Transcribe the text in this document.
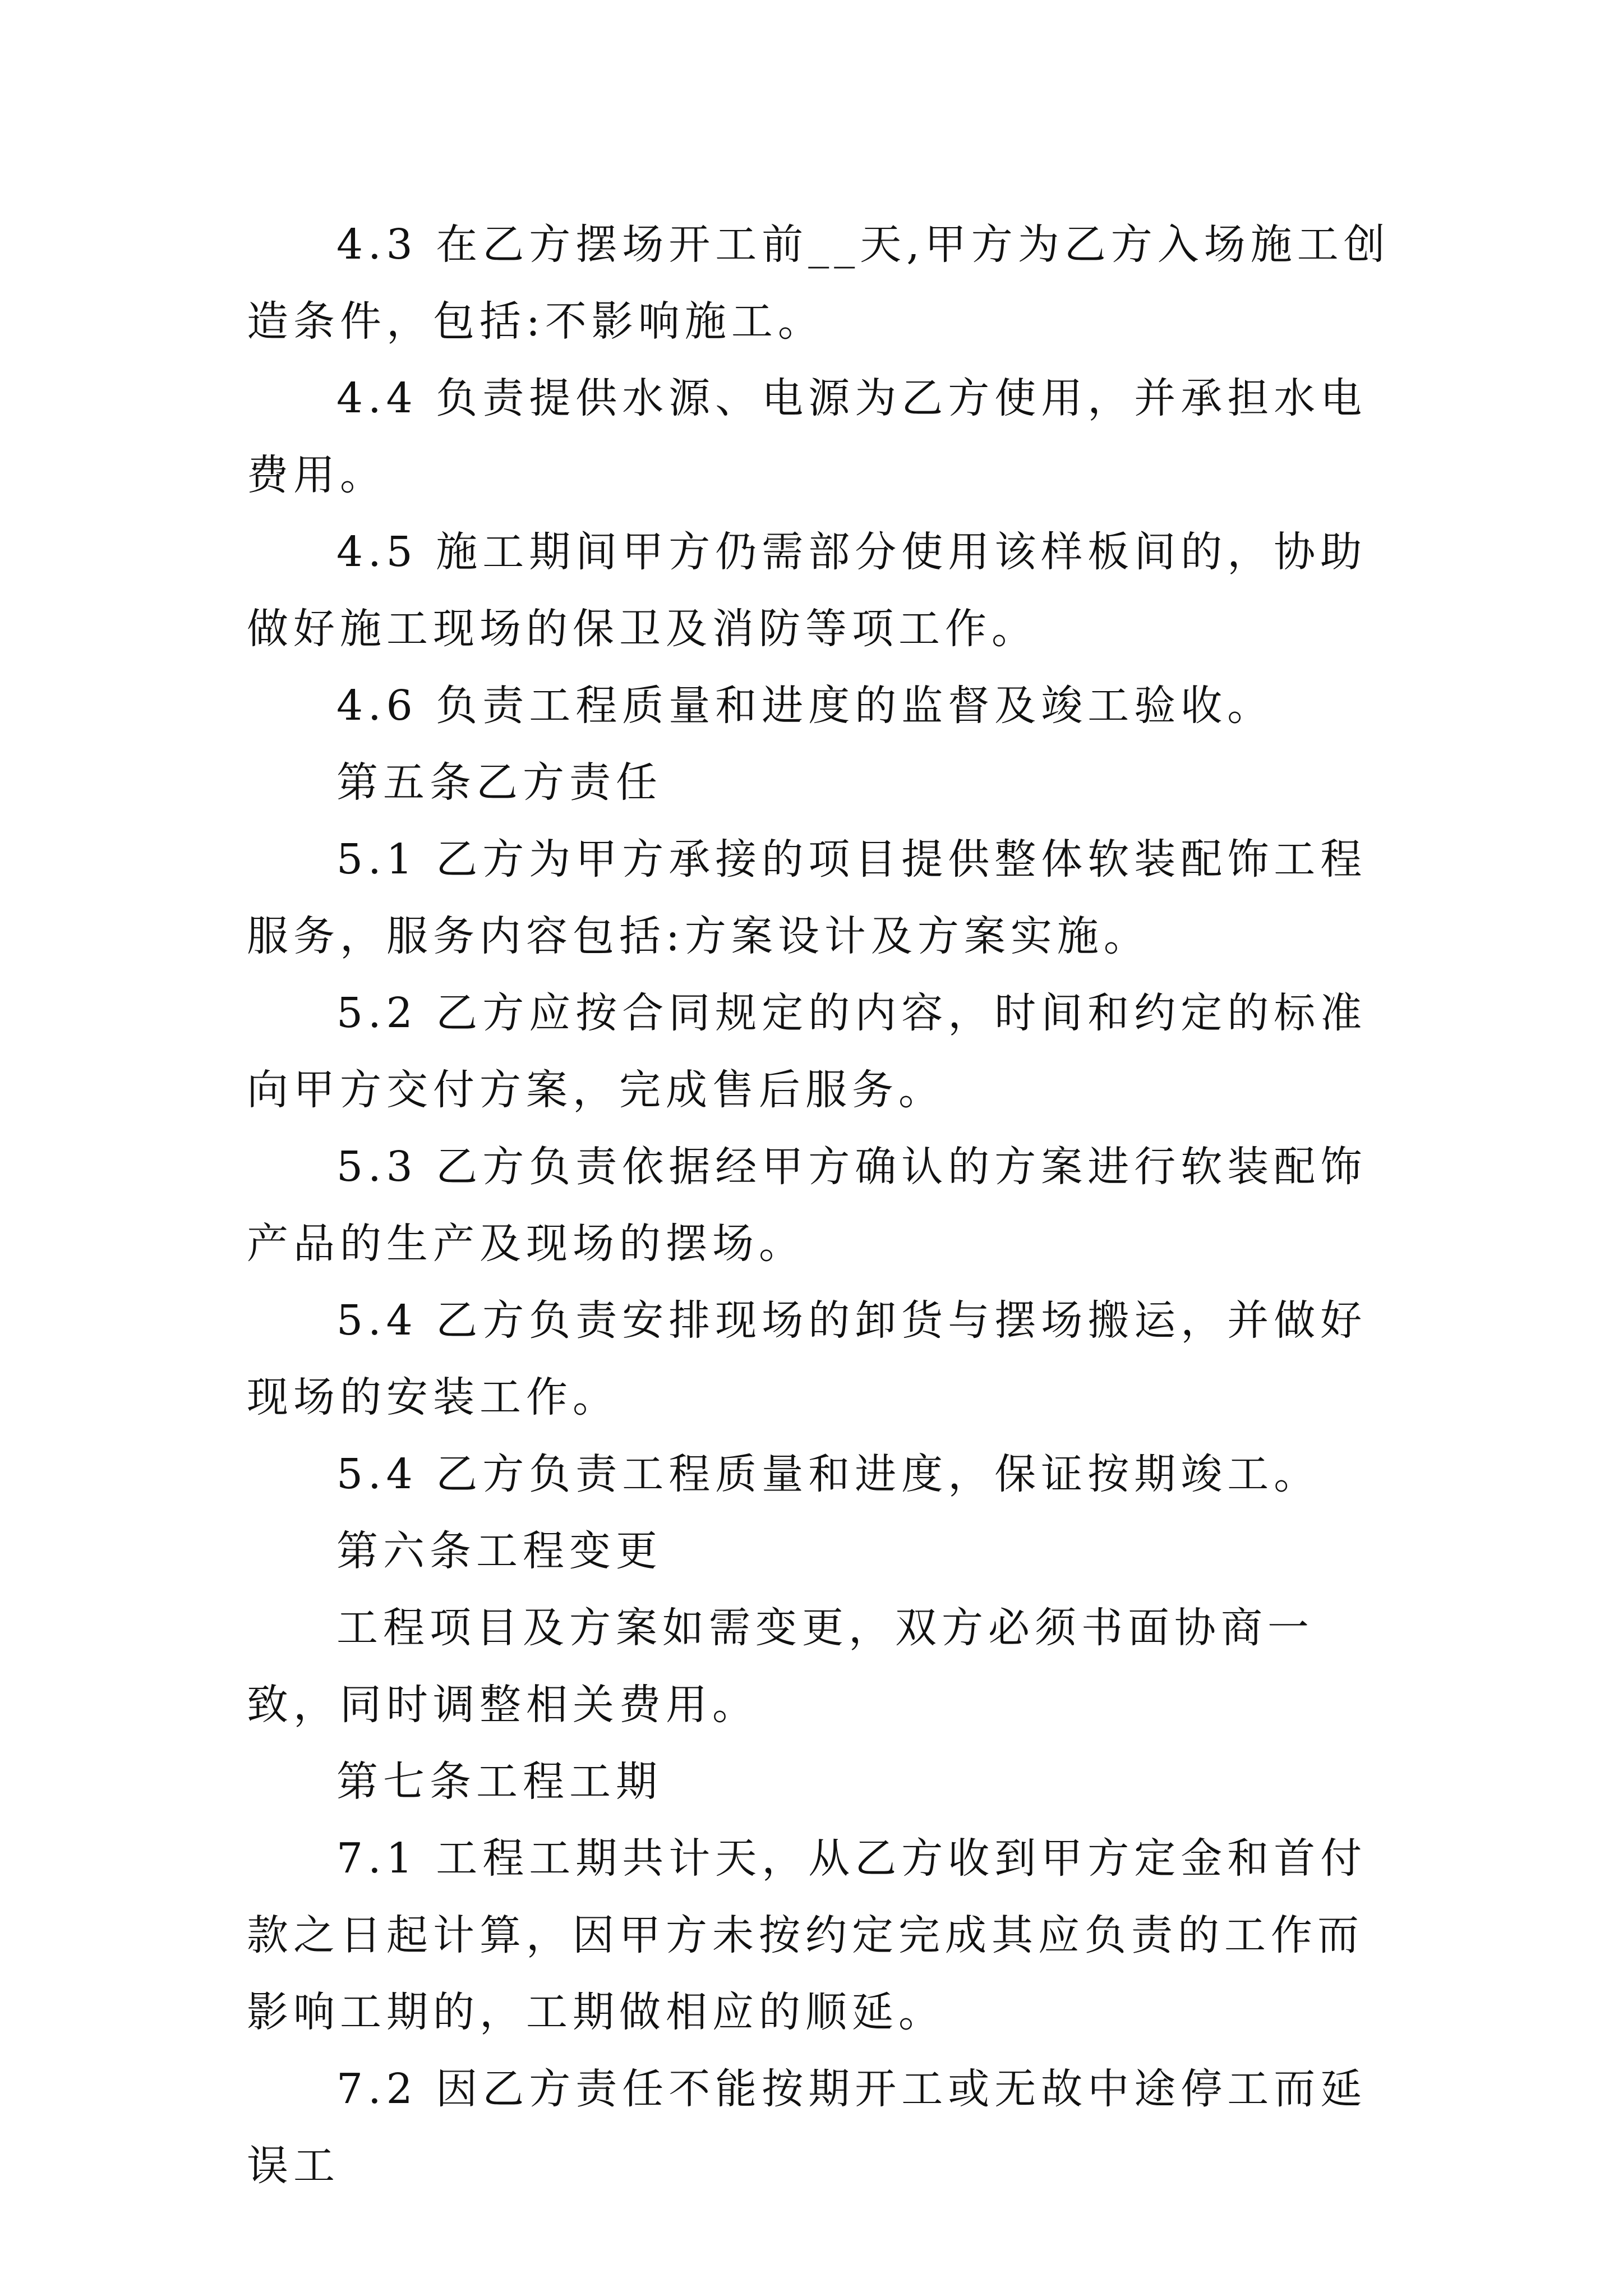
4.3 在乙方摆场开工前__天,甲方为乙方入场施工创造条件，包括:不影响施工。

4.4 负责提供水源、电源为乙方使用，并承担水电费用。

4.5 施工期间甲方仍需部分使用该样板间的，协助做好施工现场的保卫及消防等项工作。

4.6 负责工程质量和进度的监督及竣工验收。

第五条乙方责任

5.1 乙方为甲方承接的项目提供整体软装配饰工程服务，服务内容包括:方案设计及方案实施。

5.2 乙方应按合同规定的内容，时间和约定的标准向甲方交付方案，完成售后服务。

5.3 乙方负责依据经甲方确认的方案进行软装配饰产品的生产及现场的摆场。

5.4 乙方负责安排现场的卸货与摆场搬运，并做好现场的安装工作。

5.4 乙方负责工程质量和进度，保证按期竣工。

第六条工程变更

工程项目及方案如需变更，双方必须书面协商一致，同时调整相关费用。

第七条工程工期

7.1 工程工期共计天，从乙方收到甲方定金和首付款之日起计算，因甲方未按约定完成其应负责的工作而影响工期的，工期做相应的顺延。

7.2 因乙方责任不能按期开工或无故中途停工而延误工
